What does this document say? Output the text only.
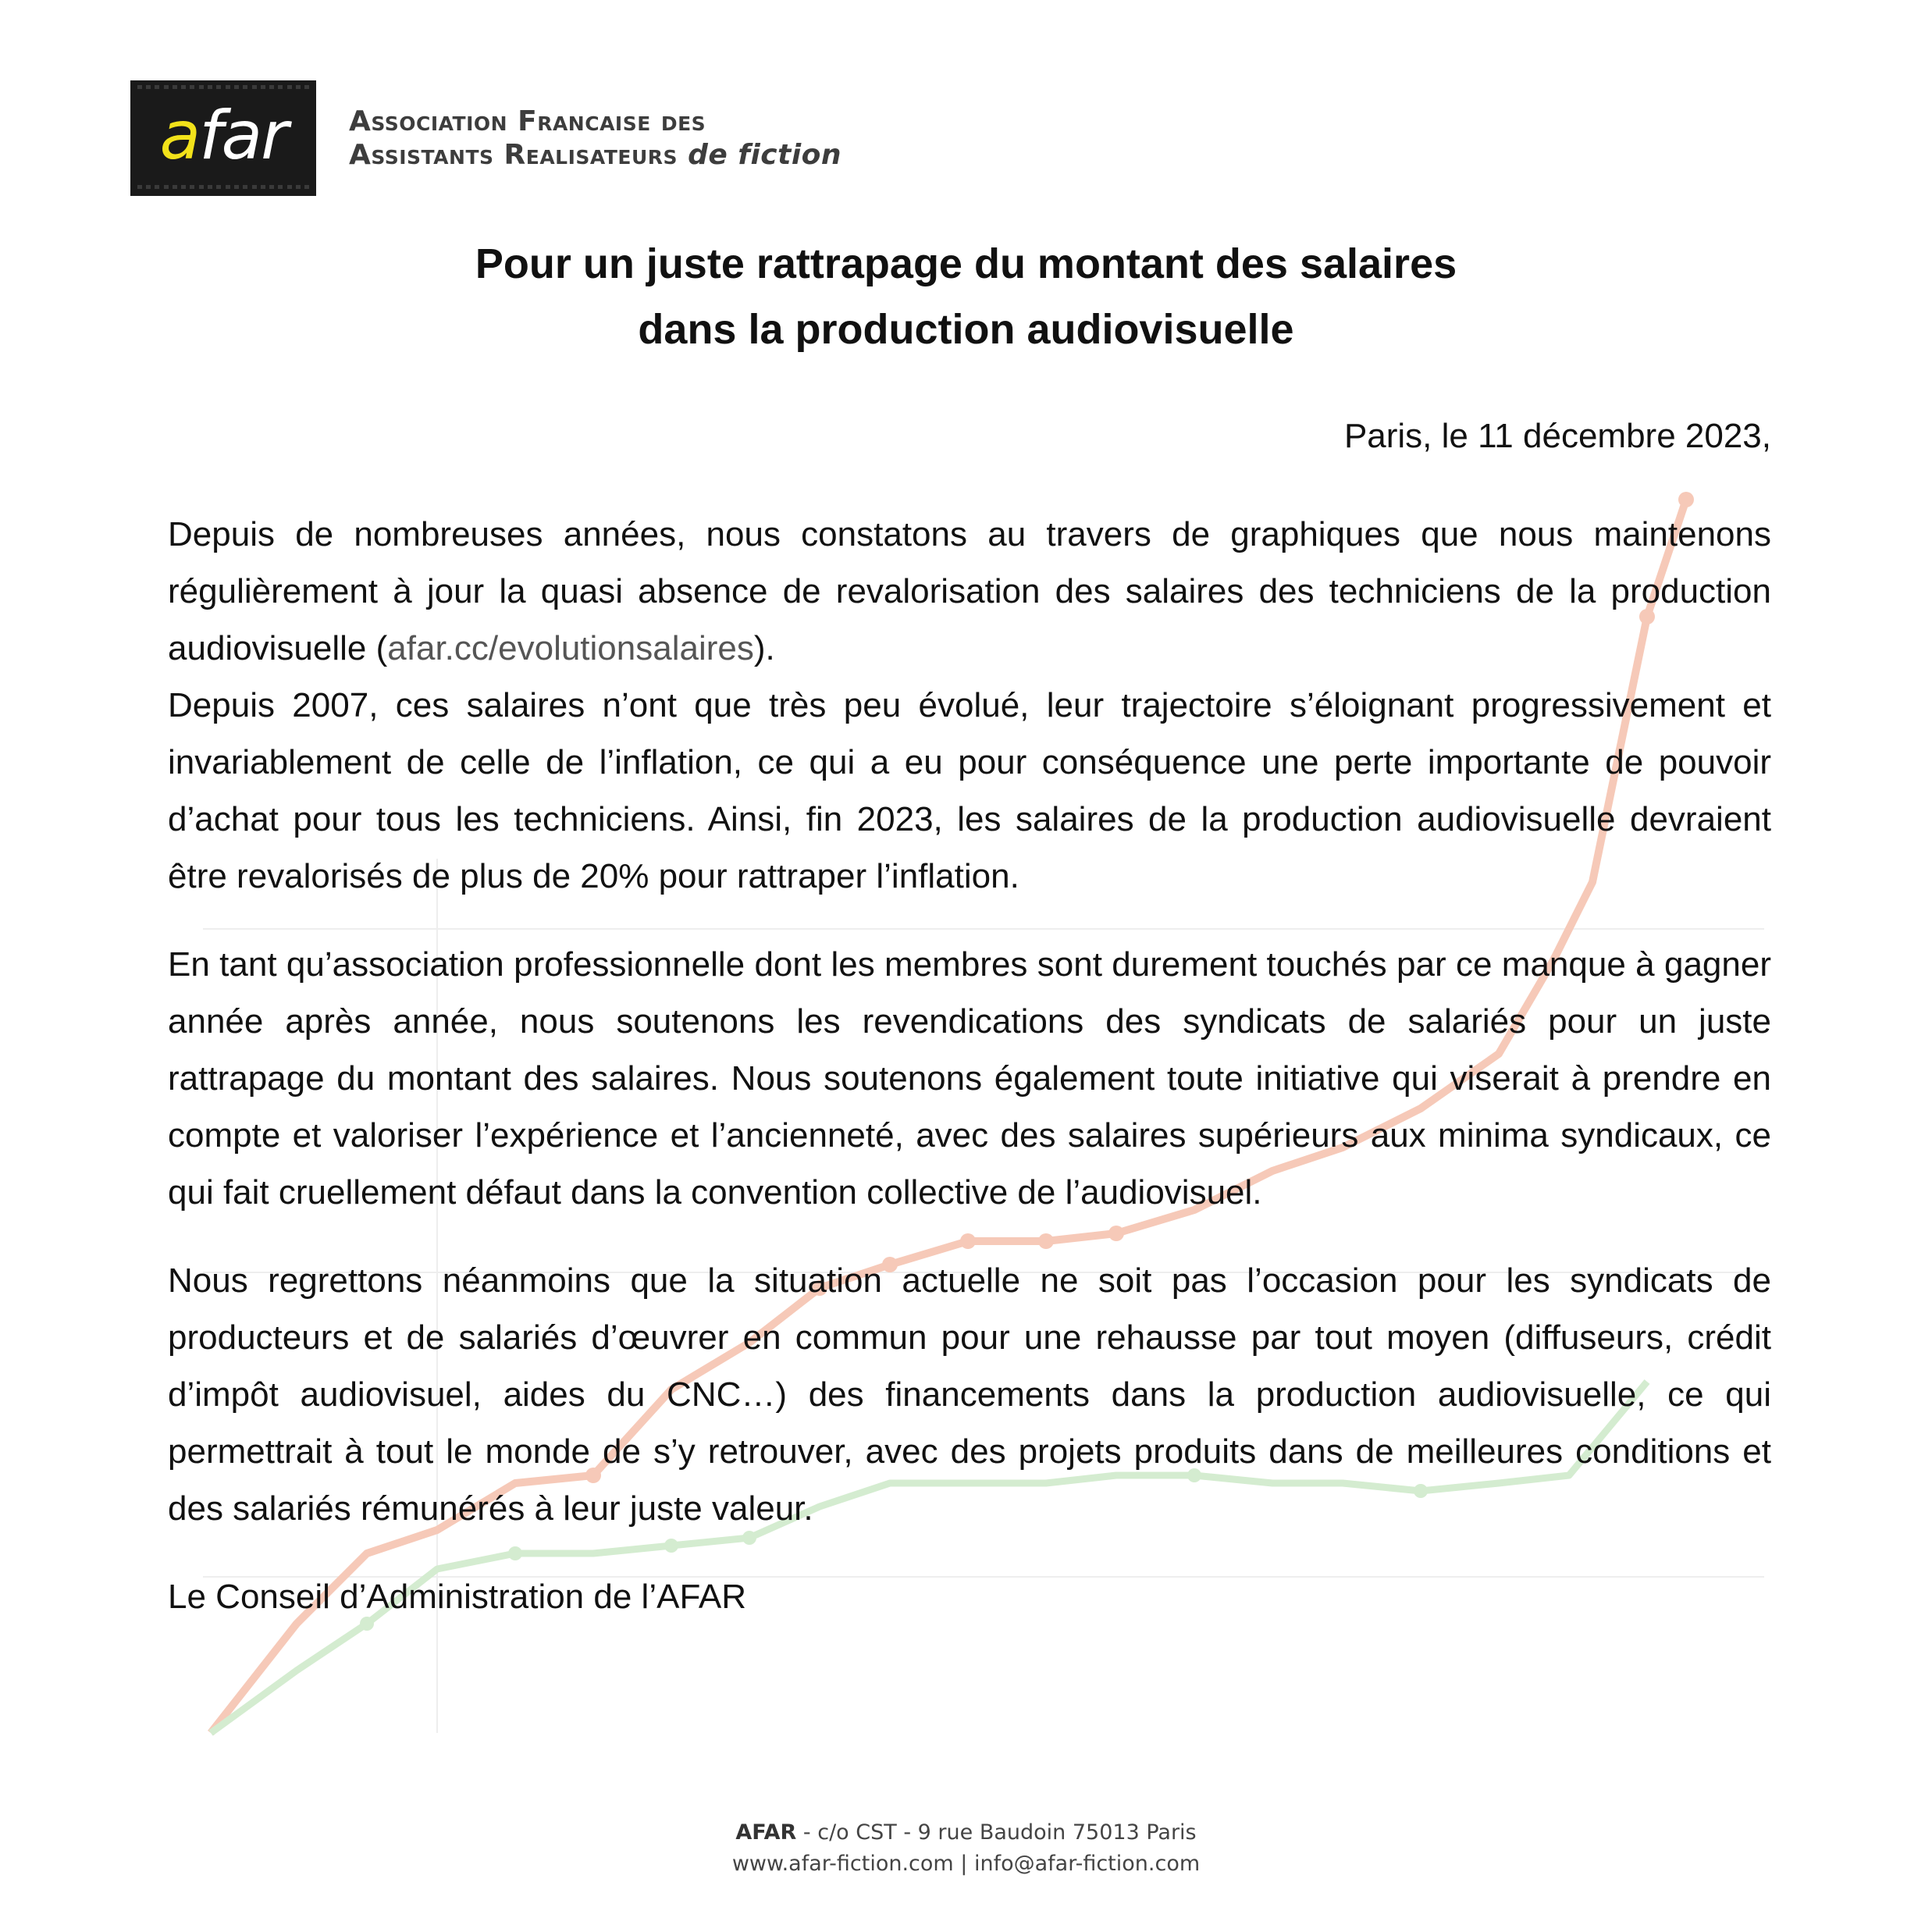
afar Association Francaise des
Assistants Realisateurs de fiction
Pour un juste rattrapage du montant des salaires
dans la production audiovisuelle
Paris, le 11 décembre 2023,

Depuis de nombreuses années, nous constatons au travers de graphiques que nous maintenons régulièrement à jour la quasi absence de revalorisation des salaires des techniciens de la production audiovisuelle (afar.cc/evolutionsalaires).

Depuis 2007, ces salaires n’ont que très peu évolué, leur trajectoire s’éloignant progressivement et invariablement de celle de l’inflation, ce qui a eu pour conséquence une perte importante de pouvoir d’achat pour tous les techniciens. Ainsi, fin 2023, les salaires de la production audiovisuelle devraient être revalorisés de plus de 20% pour rattraper l’inflation.

En tant qu’association professionnelle dont les membres sont durement touchés par ce manque à gagner année après année, nous soutenons les revendications des syndicats de salariés pour un juste rattrapage du montant des salaires. Nous soutenons également toute initiative qui viserait à prendre en compte et valoriser l’expérience et l’ancienneté, avec des salaires supérieurs aux minima syndicaux, ce qui fait cruellement défaut dans la convention collective de l’audiovisuel.

Nous regrettons néanmoins que la situation actuelle ne soit pas l’occasion pour les syndicats de producteurs et de salariés d’œuvrer en commun pour une rehausse par tout moyen (diffuseurs, crédit d’impôt audiovisuel, aides du CNC…) des financements dans la production audiovisuelle, ce qui permettrait à tout le monde de s’y retrouver, avec des projets produits dans de meilleures conditions et des salariés rémunérés à leur juste valeur.

Le Conseil d’Administration de l’AFAR
AFAR - c/o CST - 9 rue Baudoin 75013 Paris
www.afar-fiction.com | info@afar-fiction.com
